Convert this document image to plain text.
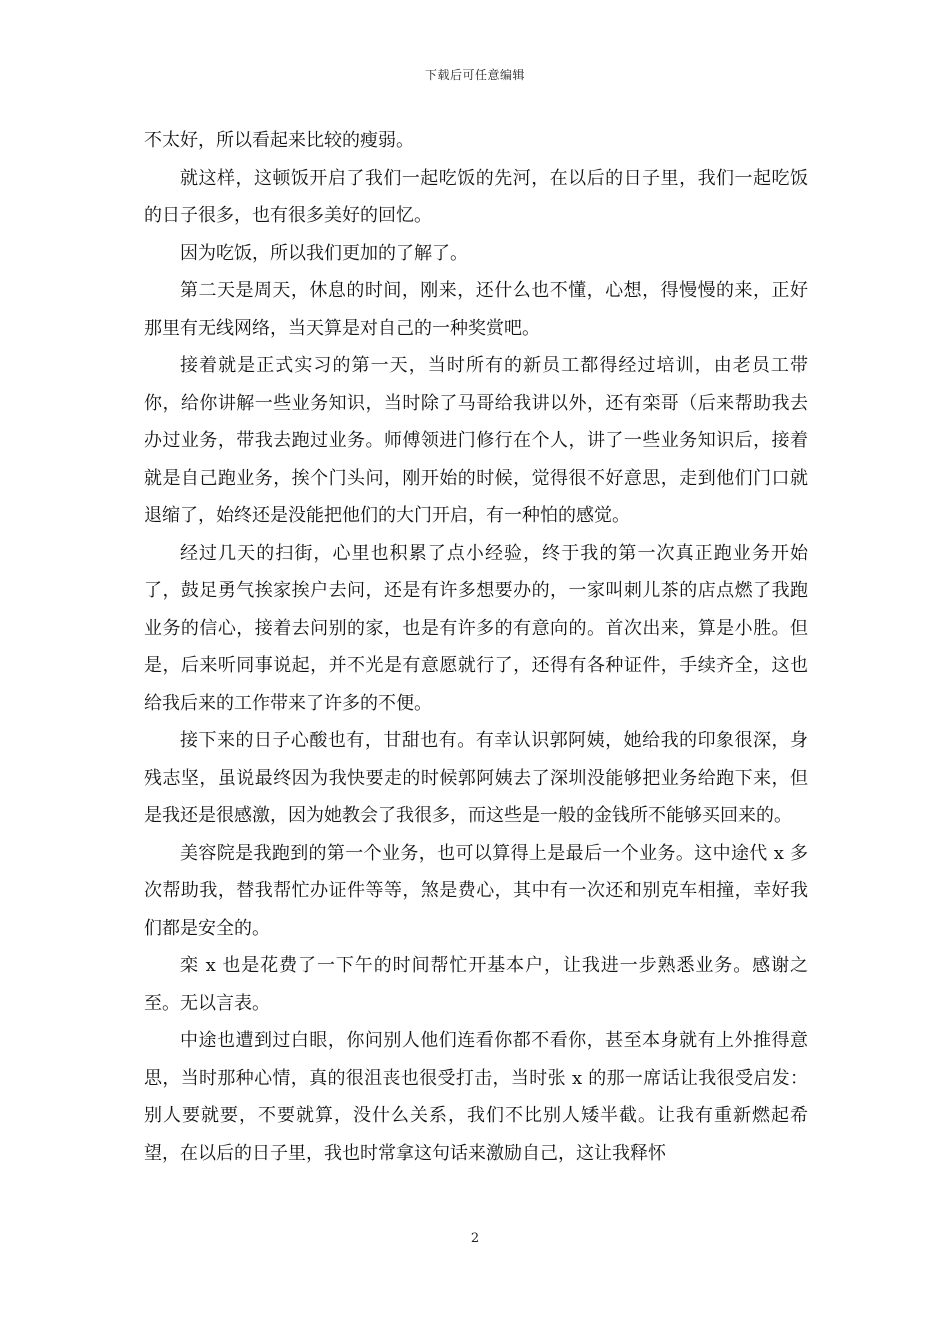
下载后可任意编辑

不太好，所以看起来比较的瘦弱。

就这样，这顿饭开启了我们一起吃饭的先河，在以后的日子里，我们一起吃饭的日子很多，也有很多美好的回忆。

因为吃饭，所以我们更加的了解了。

第二天是周天，休息的时间，刚来，还什么也不懂，心想，得慢慢的来，正好那里有无线网络，当天算是对自己的一种奖赏吧。

接着就是正式实习的第一天，当时所有的新员工都得经过培训，由老员工带你，给你讲解一些业务知识，当时除了马哥给我讲以外，还有栾哥（后来帮助我去办过业务，带我去跑过业务。师傅领进门修行在个人，讲了一些业务知识后，接着就是自己跑业务，挨个门头问，刚开始的时候，觉得很不好意思，走到他们门口就退缩了，始终还是没能把他们的大门开启，有一种怕的感觉。

经过几天的扫街，心里也积累了点小经验，终于我的第一次真正跑业务开始了，鼓足勇气挨家挨户去问，还是有许多想要办的，一家叫刺儿茶的店点燃了我跑业务的信心，接着去问别的家，也是有许多的有意向的。首次出来，算是小胜。但是，后来听同事说起，并不光是有意愿就行了，还得有各种证件，手续齐全，这也给我后来的工作带来了许多的不便。

接下来的日子心酸也有，甘甜也有。有幸认识郭阿姨，她给我的印象很深，身残志坚，虽说最终因为我快要走的时候郭阿姨去了深圳没能够把业务给跑下来，但是我还是很感激，因为她教会了我很多，而这些是一般的金钱所不能够买回来的。

美容院是我跑到的第一个业务，也可以算得上是最后一个业务。这中途代 x 多次帮助我，替我帮忙办证件等等，煞是费心，其中有一次还和别克车相撞，幸好我们都是安全的。

栾 x 也是花费了一下午的时间帮忙开基本户，让我进一步熟悉业务。感谢之至。无以言表。

中途也遭到过白眼，你问别人他们连看你都不看你，甚至本身就有上外推得意思，当时那种心情，真的很沮丧也很受打击，当时张 x 的那一席话让我很受启发：别人要就要，不要就算，没什么关系，我们不比别人矮半截。让我有重新燃起希望，在以后的日子里，我也时常拿这句话来激励自己，这让我释怀

2
